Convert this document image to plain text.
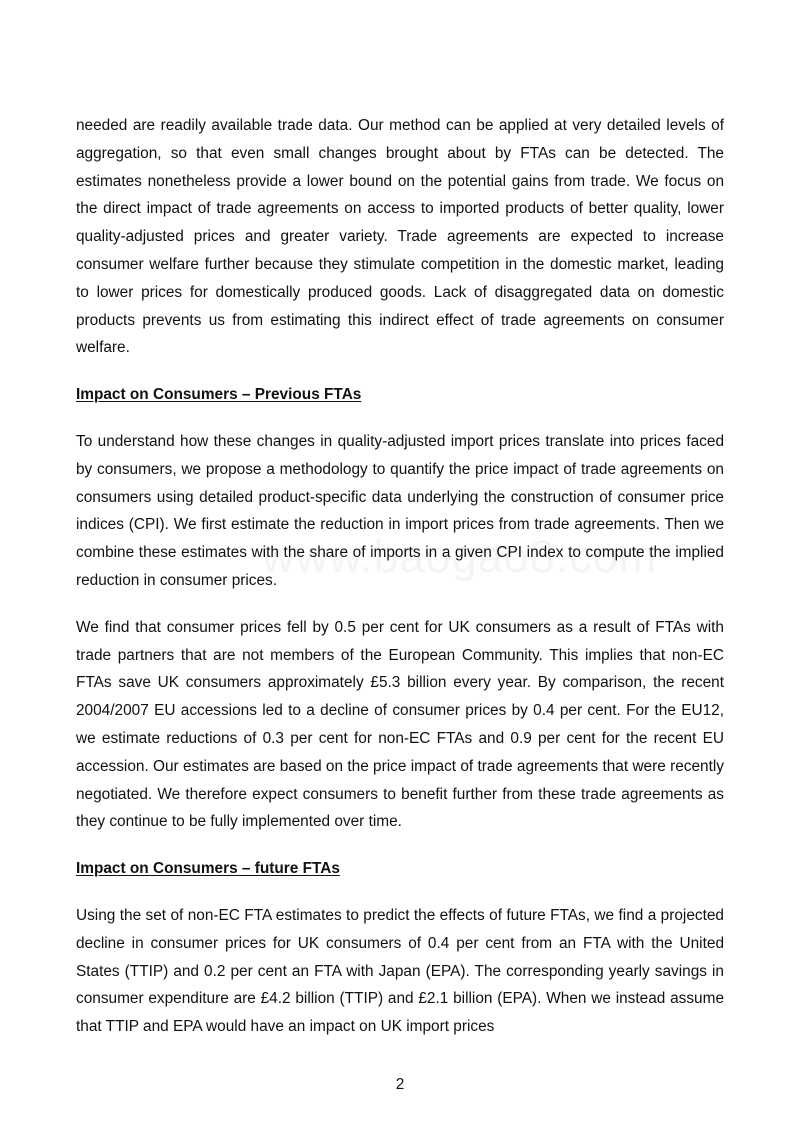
needed are readily available trade data. Our method can be applied at very detailed levels of aggregation, so that even small changes brought about by FTAs can be detected. The estimates nonetheless provide a lower bound on the potential gains from trade. We focus on the direct impact of trade agreements on access to imported products of better quality, lower quality-adjusted prices and greater variety. Trade agreements are expected to increase consumer welfare further because they stimulate competition in the domestic market, leading to lower prices for domestically produced goods. Lack of disaggregated data on domestic products prevents us from estimating this indirect effect of trade agreements on consumer welfare.

Impact on Consumers – Previous FTAs

To understand how these changes in quality-adjusted import prices translate into prices faced by consumers, we propose a methodology to quantify the price impact of trade agreements on consumers using detailed product-specific data underlying the construction of consumer price indices (CPI). We first estimate the reduction in import prices from trade agreements. Then we combine these estimates with the share of imports in a given CPI index to compute the implied reduction in consumer prices.

We find that consumer prices fell by 0.5 per cent for UK consumers as a result of FTAs with trade partners that are not members of the European Community. This implies that non-EC FTAs save UK consumers approximately £5.3 billion every year. By comparison, the recent 2004/2007 EU accessions led to a decline of consumer prices by 0.4 per cent. For the EU12, we estimate reductions of 0.3 per cent for non-EC FTAs and 0.9 per cent for the recent EU accession. Our estimates are based on the price impact of trade agreements that were recently negotiated. We therefore expect consumers to benefit further from these trade agreements as they continue to be fully implemented over time.

Impact on Consumers – future FTAs

Using the set of non-EC FTA estimates to predict the effects of future FTAs, we find a projected decline in consumer prices for UK consumers of 0.4 per cent from an FTA with the United States (TTIP) and 0.2 per cent an FTA with Japan (EPA). The corresponding yearly savings in consumer expenditure are £4.2 billion (TTIP) and £2.1 billion (EPA). When we instead assume that TTIP and EPA would have an impact on UK import prices

2
